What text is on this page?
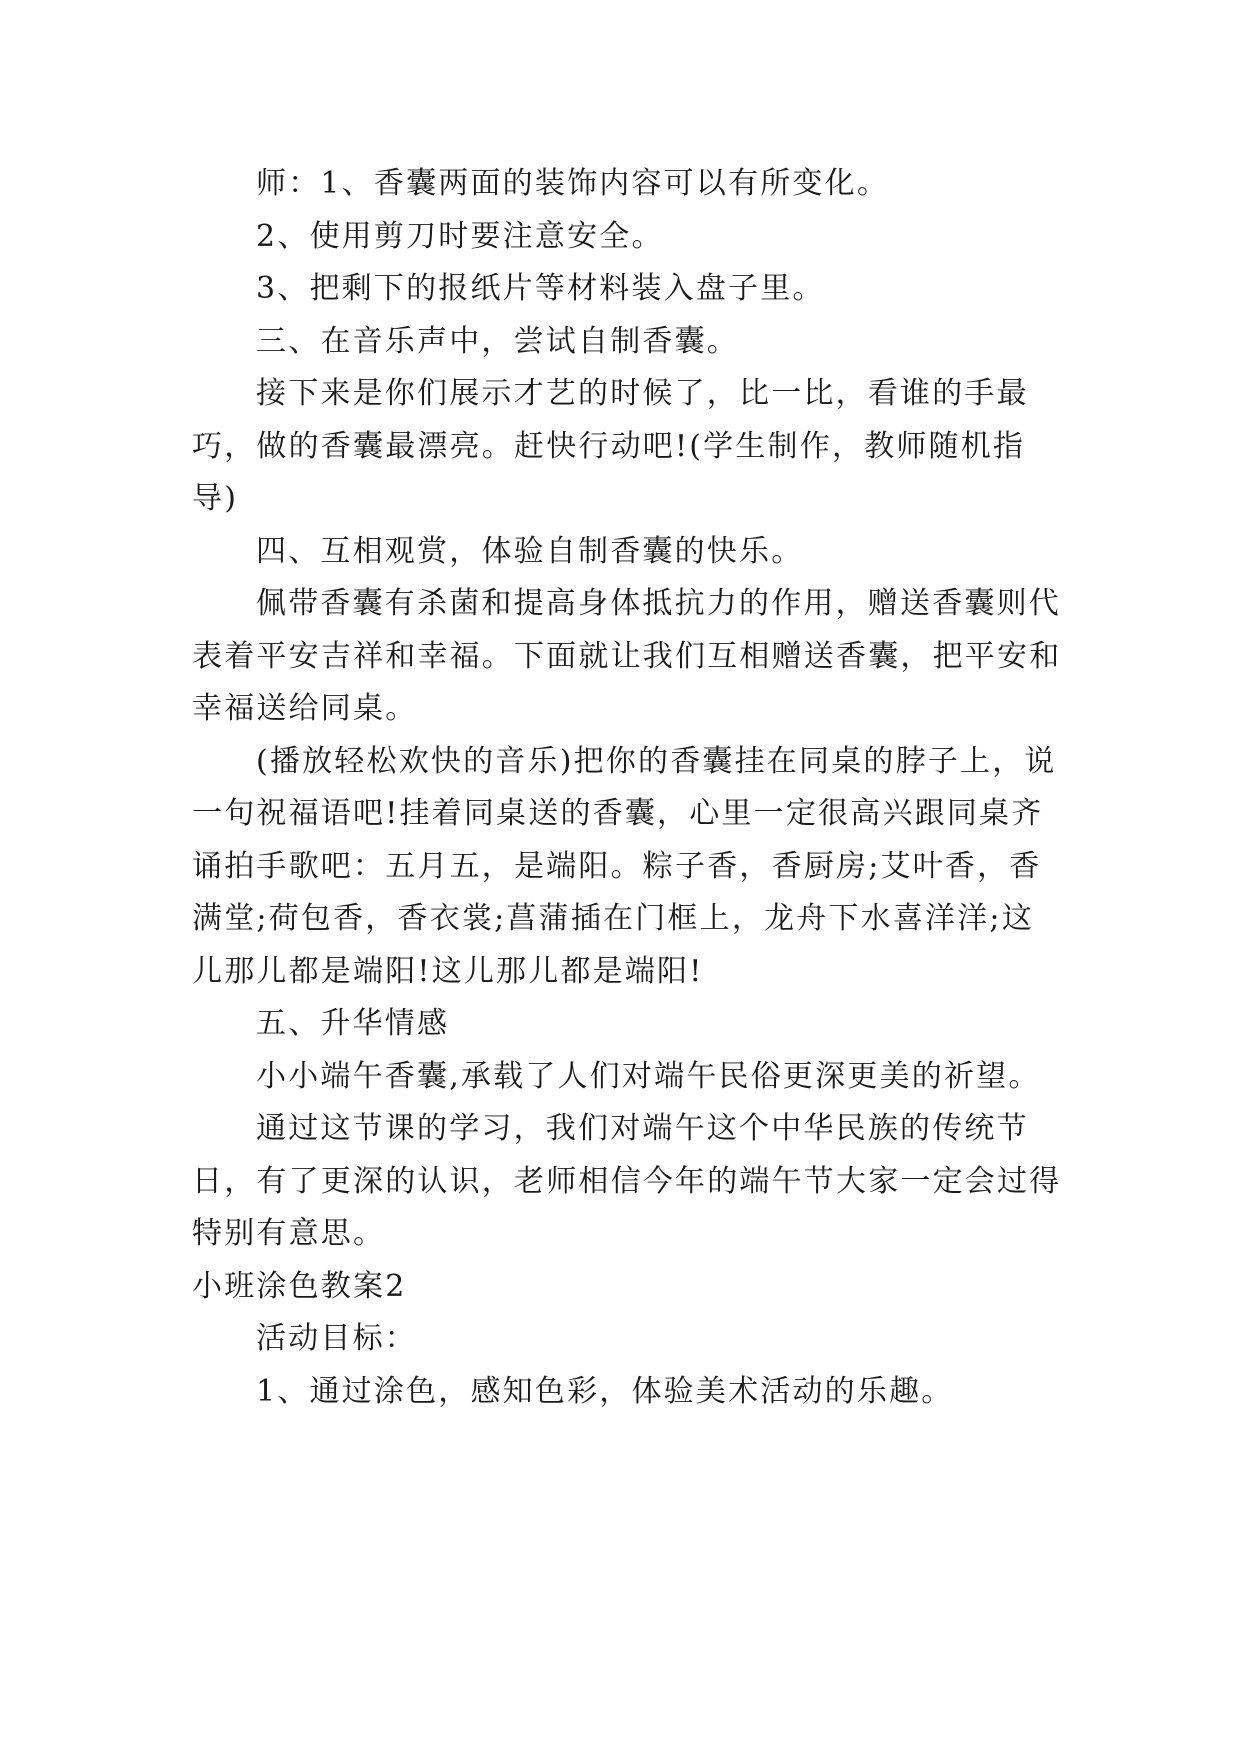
师：1、香囊两面的装饰内容可以有所变化。

2、使用剪刀时要注意安全。

3、把剩下的报纸片等材料装入盘子里。

三、在音乐声中，尝试自制香囊。

接下来是你们展示才艺的时候了，比一比，看谁的手最巧，做的香囊最漂亮。赶快行动吧!(学生制作，教师随机指导)

四、互相观赏，体验自制香囊的快乐。

佩带香囊有杀菌和提高身体抵抗力的作用，赠送香囊则代表着平安吉祥和幸福。下面就让我们互相赠送香囊，把平安和幸福送给同桌。

(播放轻松欢快的音乐)把你的香囊挂在同桌的脖子上，说一句祝福语吧!挂着同桌送的香囊，心里一定很高兴跟同桌齐诵拍手歌吧：五月五，是端阳。粽子香，香厨房;艾叶香，香满堂;荷包香，香衣裳;菖蒲插在门框上，龙舟下水喜洋洋;这儿那儿都是端阳!这儿那儿都是端阳!

五、升华情感

小小端午香囊,承载了人们对端午民俗更深更美的祈望。

通过这节课的学习，我们对端午这个中华民族的传统节日，有了更深的认识，老师相信今年的端午节大家一定会过得特别有意思。

小班涂色教案2

活动目标：

1、通过涂色，感知色彩，体验美术活动的乐趣。
